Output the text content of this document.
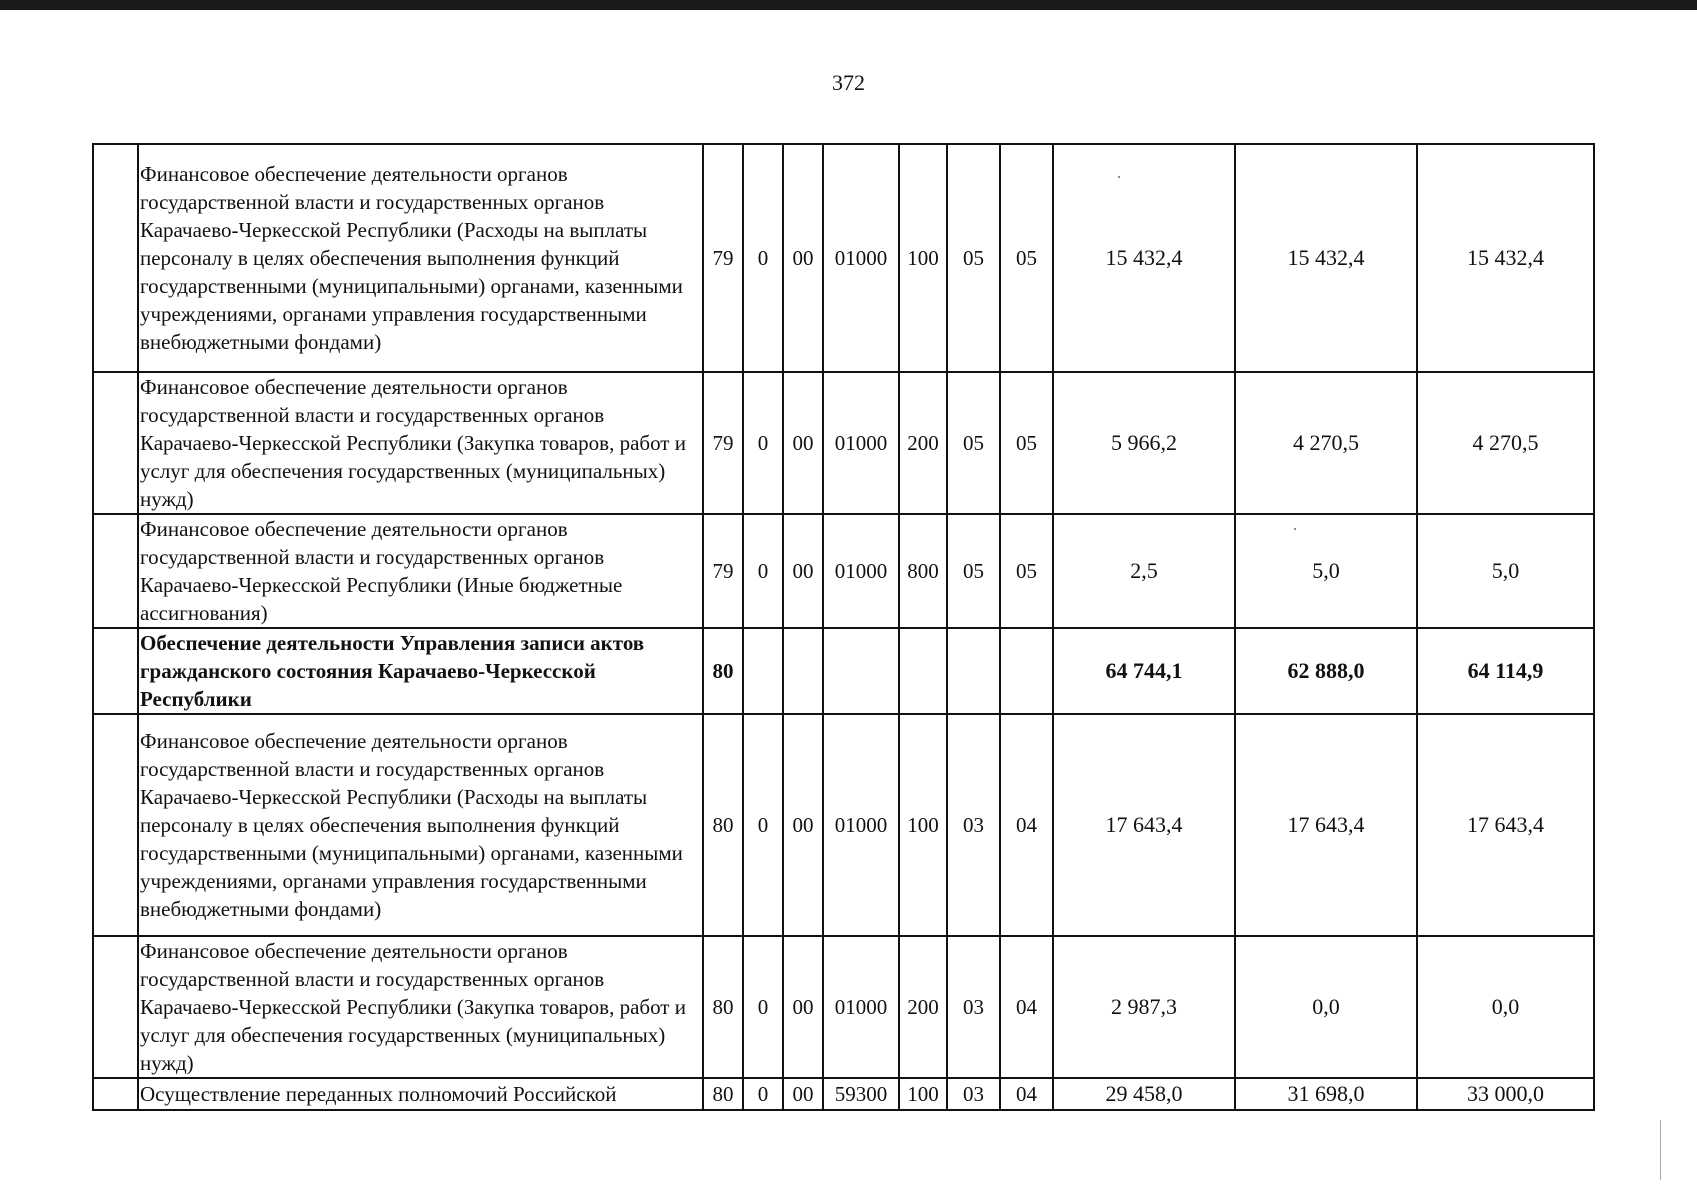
372
	Финансовое обеспечение деятельности органов государственной власти и государственных органов Карачаево-Черкесской Республики (Расходы на выплаты персоналу в целях обеспечения выполнения функций государственными (муниципальными) органами, казенными учреждениями, органами управления государственными внебюджетными фондами)	79	0	00	01000	100	05	05	15 432,4	15 432,4	15 432,4
	Финансовое обеспечение деятельности органов государственной власти и государственных органов Карачаево-Черкесской Республики (Закупка товаров, работ и услуг для обеспечения государственных (муниципальных) нужд)	79	0	00	01000	200	05	05	5 966,2	4 270,5	4 270,5
	Финансовое обеспечение деятельности органов государственной власти и государственных органов Карачаево-Черкесской Республики (Иные бюджетные ассигнования)	79	0	00	01000	800	05	05	2,5	5,0	5,0
	Обеспечение деятельности Управления записи актов гражданского состояния Карачаево-Черкесской Республики	80							64 744,1	62 888,0	64 114,9
	Финансовое обеспечение деятельности органов государственной власти и государственных органов Карачаево-Черкесской Республики (Расходы на выплаты персоналу в целях обеспечения выполнения функций государственными (муниципальными) органами, казенными учреждениями, органами управления государственными внебюджетными фондами)	80	0	00	01000	100	03	04	17 643,4	17 643,4	17 643,4
	Финансовое обеспечение деятельности органов государственной власти и государственных органов Карачаево-Черкесской Республики (Закупка товаров, работ и услуг для обеспечения государственных (муниципальных) нужд)	80	0	00	01000	200	03	04	2 987,3	0,0	0,0
	Осуществление переданных полномочий Российской	80	0	00	59300	100	03	04	29 458,0	31 698,0	33 000,0
